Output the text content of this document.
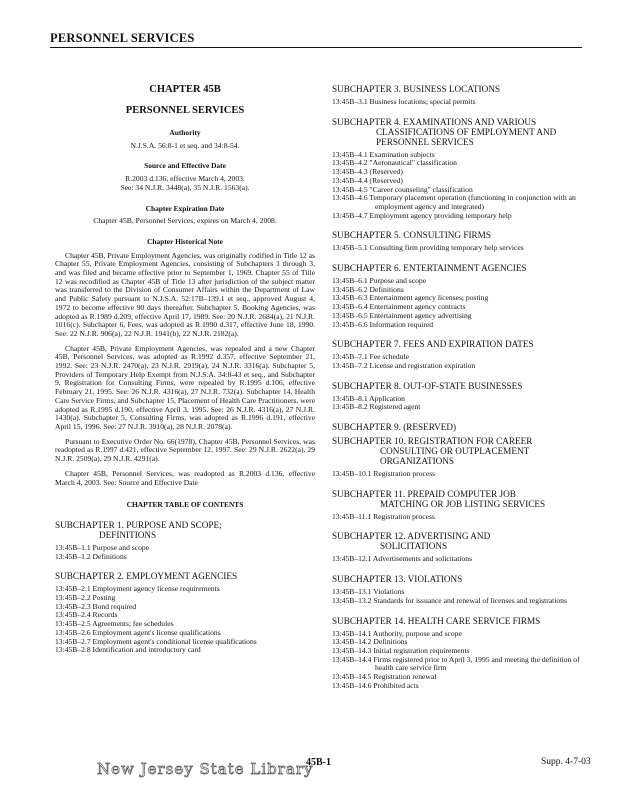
PERSONNEL SERVICES
CHAPTER 45B
PERSONNEL SERVICES
Authority
N.J.S.A. 56:8-1 et seq. and 34:8-54.
Source and Effective Date
R.2003 d.136, effective March 4, 2003.
See: 34 N.J.R. 3448(a), 35 N.J.R. 1563(a).
Chapter Expiration Date
Chapter 45B, Personnel Services, expires on March 4, 2008.
Chapter Historical Note

Chapter 45B, Private Employment Agencies, was originally codified in Title 12 as Chapter 55, Private Employment Agencies, consisting of Subchapters 1 through 3, and was filed and became effective prior to September 1, 1969. Chapter 55 of Title 12 was recodified as Chapter 45B of Title 13 after jurisdiction of the subject matter was transferred to the Division of Consumer Affairs within the Department of Law and Public Safety pursuant to N.J.S.A. 52:17B–139.1 et seq., approved August 4, 1972 to become effective 90 days thereafter. Subchapter 5, Booking Agencies, was adopted as R.1989 d.209, effective April 17, 1989. See: 20 N.J.R. 2684(a), 21 N.J.R. 1016(c). Subchapter 6, Fees, was adopted as R.1990 d.317, effective June 18, 1990. See: 22 N.J.R. 906(a), 22 N.J.R. 1941(b), 22 N.J.R. 2182(a).

Chapter 45B, Private Employment Agencies, was repealed and a new Chapter 45B, Personnel Services, was adopted as R.1992 d.357, effective September 21, 1992. See: 23 N.J.R. 2470(a), 23 N.J.R. 2919(a), 24 N.J.R. 3316(a). Subchapter 5, Providers of Temporary Help Exempt from N.J.S.A. 34:8-43 et seq., and Subchapter 9, Registration for Consulting Firms, were repealed by R.1995 d.106, effective February 21, 1995. See: 26 N.J.R. 4316(a), 27 N.J.R. 732(a). Subchapter 14, Health Care Service Firms, and Subchapter 15, Placement of Health Care Practitioners, were adopted as R.1995 d.190, effective April 3, 1995. See: 26 N.J.R. 4316(a), 27 N.J.R. 1430(a). Subchapter 5, Consulting Firms, was adopted as R.1996 d.191, effective April 15, 1996. See: 27 N.J.R. 3910(a), 28 N.J.R. 2078(a).

Pursuant to Executive Order No. 66(1978), Chapter 45B, Personnel Services, was readopted as R.1997 d.421, effective September 12, 1997. See: 29 N.J.R. 2622(a), 29 N.J.R. 2509(a), 29 N.J.R. 4291(a).

Chapter 45B, Personnel Services, was readopted as R.2003 d.136, effective March 4, 2003. See: Source and Effective Date

CHAPTER TABLE OF CONTENTS
SUBCHAPTER 1. PURPOSE AND SCOPE;
DEFINITIONS
13:45B–1.1 Purpose and scope
13:45B–1.2 Definitions
SUBCHAPTER 2. EMPLOYMENT AGENCIES
13:45B–2.1 Employment agency license requirements
13:45B–2.2 Posting
13:45B–2.3 Bond required
13:45B–2.4 Records
13:45B–2.5 Agreements; fee schedules
13:45B–2.6 Employment agent's license qualifications
13:45B–2.7 Employment agent's conditional license qualifications
13:45B–2.8 Identification and introductory card
SUBCHAPTER 3. BUSINESS LOCATIONS
13:45B–3.1 Business locations; special permits
SUBCHAPTER 4. EXAMINATIONS AND VARIOUS
CLASSIFICATIONS OF EMPLOYMENT AND
PERSONNEL SERVICES
13:45B–4.1 Examination subjects
13:45B–4.2 "Aeronautical" classification
13:45B–4.3 (Reserved)
13:45B–4.4 (Reserved)
13:45B–4.5 "Career counseling" classification
13:45B–4.6 Temporary placement operation (functioning in conjunction with an employment agency and integrated)
13:45B–4.7 Employment agency providing temporary help
SUBCHAPTER 5. CONSULTING FIRMS
13:45B–5.1 Consulting firm providing temporary help services
SUBCHAPTER 6. ENTERTAINMENT AGENCIES
13:45B–6.1 Purpose and scope
13:45B–6.2 Definitions
13:45B–6.3 Entertainment agency licenses; posting
13:45B–6.4 Entertainment agency contracts
13:45B–6.5 Entertainment agency advertising
13:45B–6.6 Information required
SUBCHAPTER 7. FEES AND EXPIRATION DATES
13:45B–7.1 Fee schedule
13:45B–7.2 License and registration expiration
SUBCHAPTER 8. OUT-OF-STATE BUSINESSES
13:45B–8.1 Application
13:45B–8.2 Registered agent
SUBCHAPTER 9. (RESERVED)
SUBCHAPTER 10. REGISTRATION FOR CAREER
CONSULTING OR OUTPLACEMENT
ORGANIZATIONS
13:45B–10.1 Registration process
SUBCHAPTER 11. PREPAID COMPUTER JOB
MATCHING OR JOB LISTING SERVICES
13:45B–11.1 Registration process
SUBCHAPTER 12. ADVERTISING AND
SOLICITATIONS
13:45B–12.1 Advertisements and solicitations
SUBCHAPTER 13. VIOLATIONS
13:45B–13.1 Violations
13:45B–13.2 Standards for issuance and renewal of licenses and registrations
SUBCHAPTER 14. HEALTH CARE SERVICE FIRMS
13:45B–14.1 Authority, purpose and scope
13:45B–14.2 Definitions
13:45B–14.3 Initial registration requirements
13:45B–14.4 Firms registered prior to April 3, 1995 and meeting the definition of health care service firm
13:45B–14.5 Registration renewal
13:45B–14.6 Prohibited acts
New Jersey State Library
45B-1	Supp. 4-7-03
